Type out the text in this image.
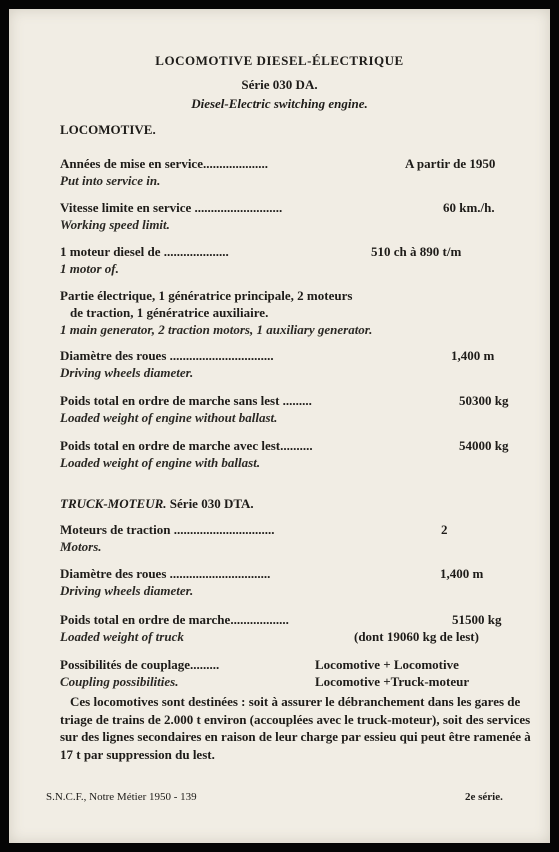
LOCOMOTIVE DIESEL-ÉLECTRIQUE
Série 030 DA.
Diesel-Electric switching engine.
LOCOMOTIVE.
Années de mise en service....................	A partir de 1950
Put into service in.
Vitesse limite en service ...........................	60 km./h.
Working speed limit.
1 moteur diesel de ....................	510 ch à 890 t/m
1 motor of.
Partie électrique, 1 génératrice principale, 2 moteurs
de traction, 1 génératrice auxiliaire.
1 main generator, 2 traction motors, 1 auxiliary generator.
Diamètre des roues ................................	1,400 m
Driving wheels diameter.
Poids total en ordre de marche sans lest .........	50300 kg
Loaded weight of engine without ballast.
Poids total en ordre de marche avec lest..........	54000 kg
Loaded weight of engine with ballast.
TRUCK-MOTEUR. Série 030 DTA.
Moteurs de traction ...............................	2
Motors.
Diamètre des roues ...............................	1,400 m
Driving wheels diameter.
Poids total en ordre de marche..................	51500 kg
Loaded weight of truck	(dont 19060 kg de lest)
Possibilités de couplage.........	Locomotive + Locomotive
Coupling possibilities.	Locomotive +Truck-moteur
Ces locomotives sont destinées : soit à assurer le débranchement dans les gares de triage de trains de 2.000 t environ (accouplées avec le truck-moteur), soit des services sur des lignes secondaires en raison de leur charge par essieu qui peut être ramenée à 17 t par suppression du lest.
S.N.C.F., Notre Métier 1950 - 139	2e série.
